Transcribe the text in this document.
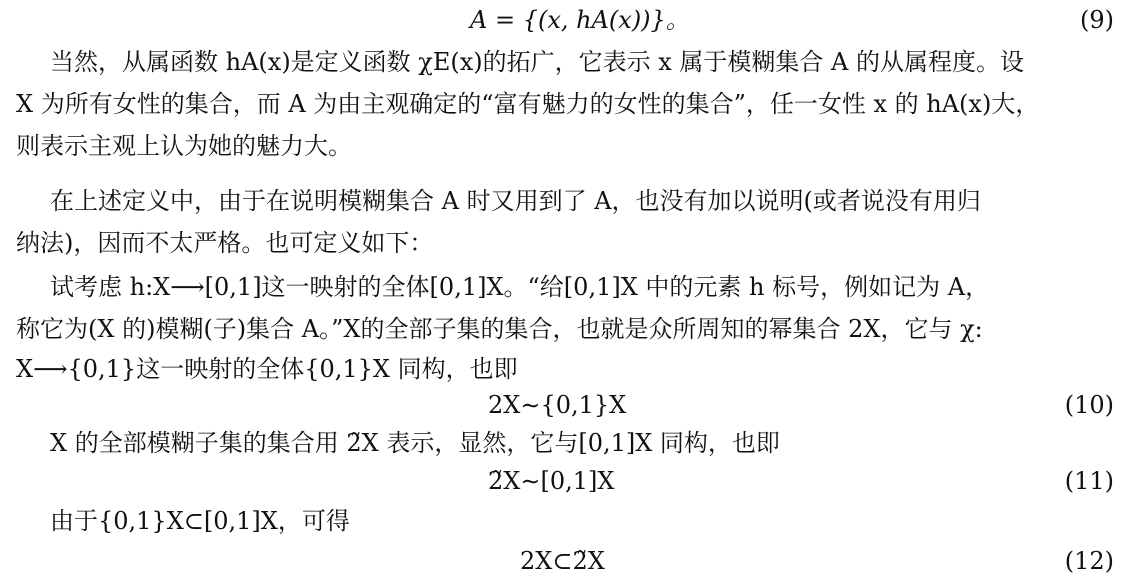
A = {(x, hA(x))}。	(9)
当然，从属函数 hA(x)是定义函数 χE(x)的拓广，它表示 x 属于模糊集合 A 的从属程度。设
X 为所有女性的集合，而 A 为由主观确定的“富有魅力的女性的集合”，任一女性 x 的 hA(x)大，
则表示主观上认为她的魅力大。
在上述定义中，由于在说明模糊集合 A 时又用到了 A，也没有加以说明(或者说没有用归
纳法)，因而不太严格。也可定义如下：
试考虑 h:X⟶[0,1]这一映射的全体[0,1]X。“给[0,1]X 中的元素 h 标号，例如记为 A，
称它为(X 的)模糊(子)集合 A。”X的全部子集的集合，也就是众所周知的幂集合 2X，它与 χ:
X⟶{0,1}这一映射的全体{0,1}X 同构，也即
2X∼{0,1}X	(10)
X 的全部模糊子集的集合用 2̃X 表示，显然，它与[0,1]X 同构，也即
2̃X∼[0,1]X	(11)
由于{0,1}X⊂[0,1]X，可得
2X⊂2̃X	(12)
